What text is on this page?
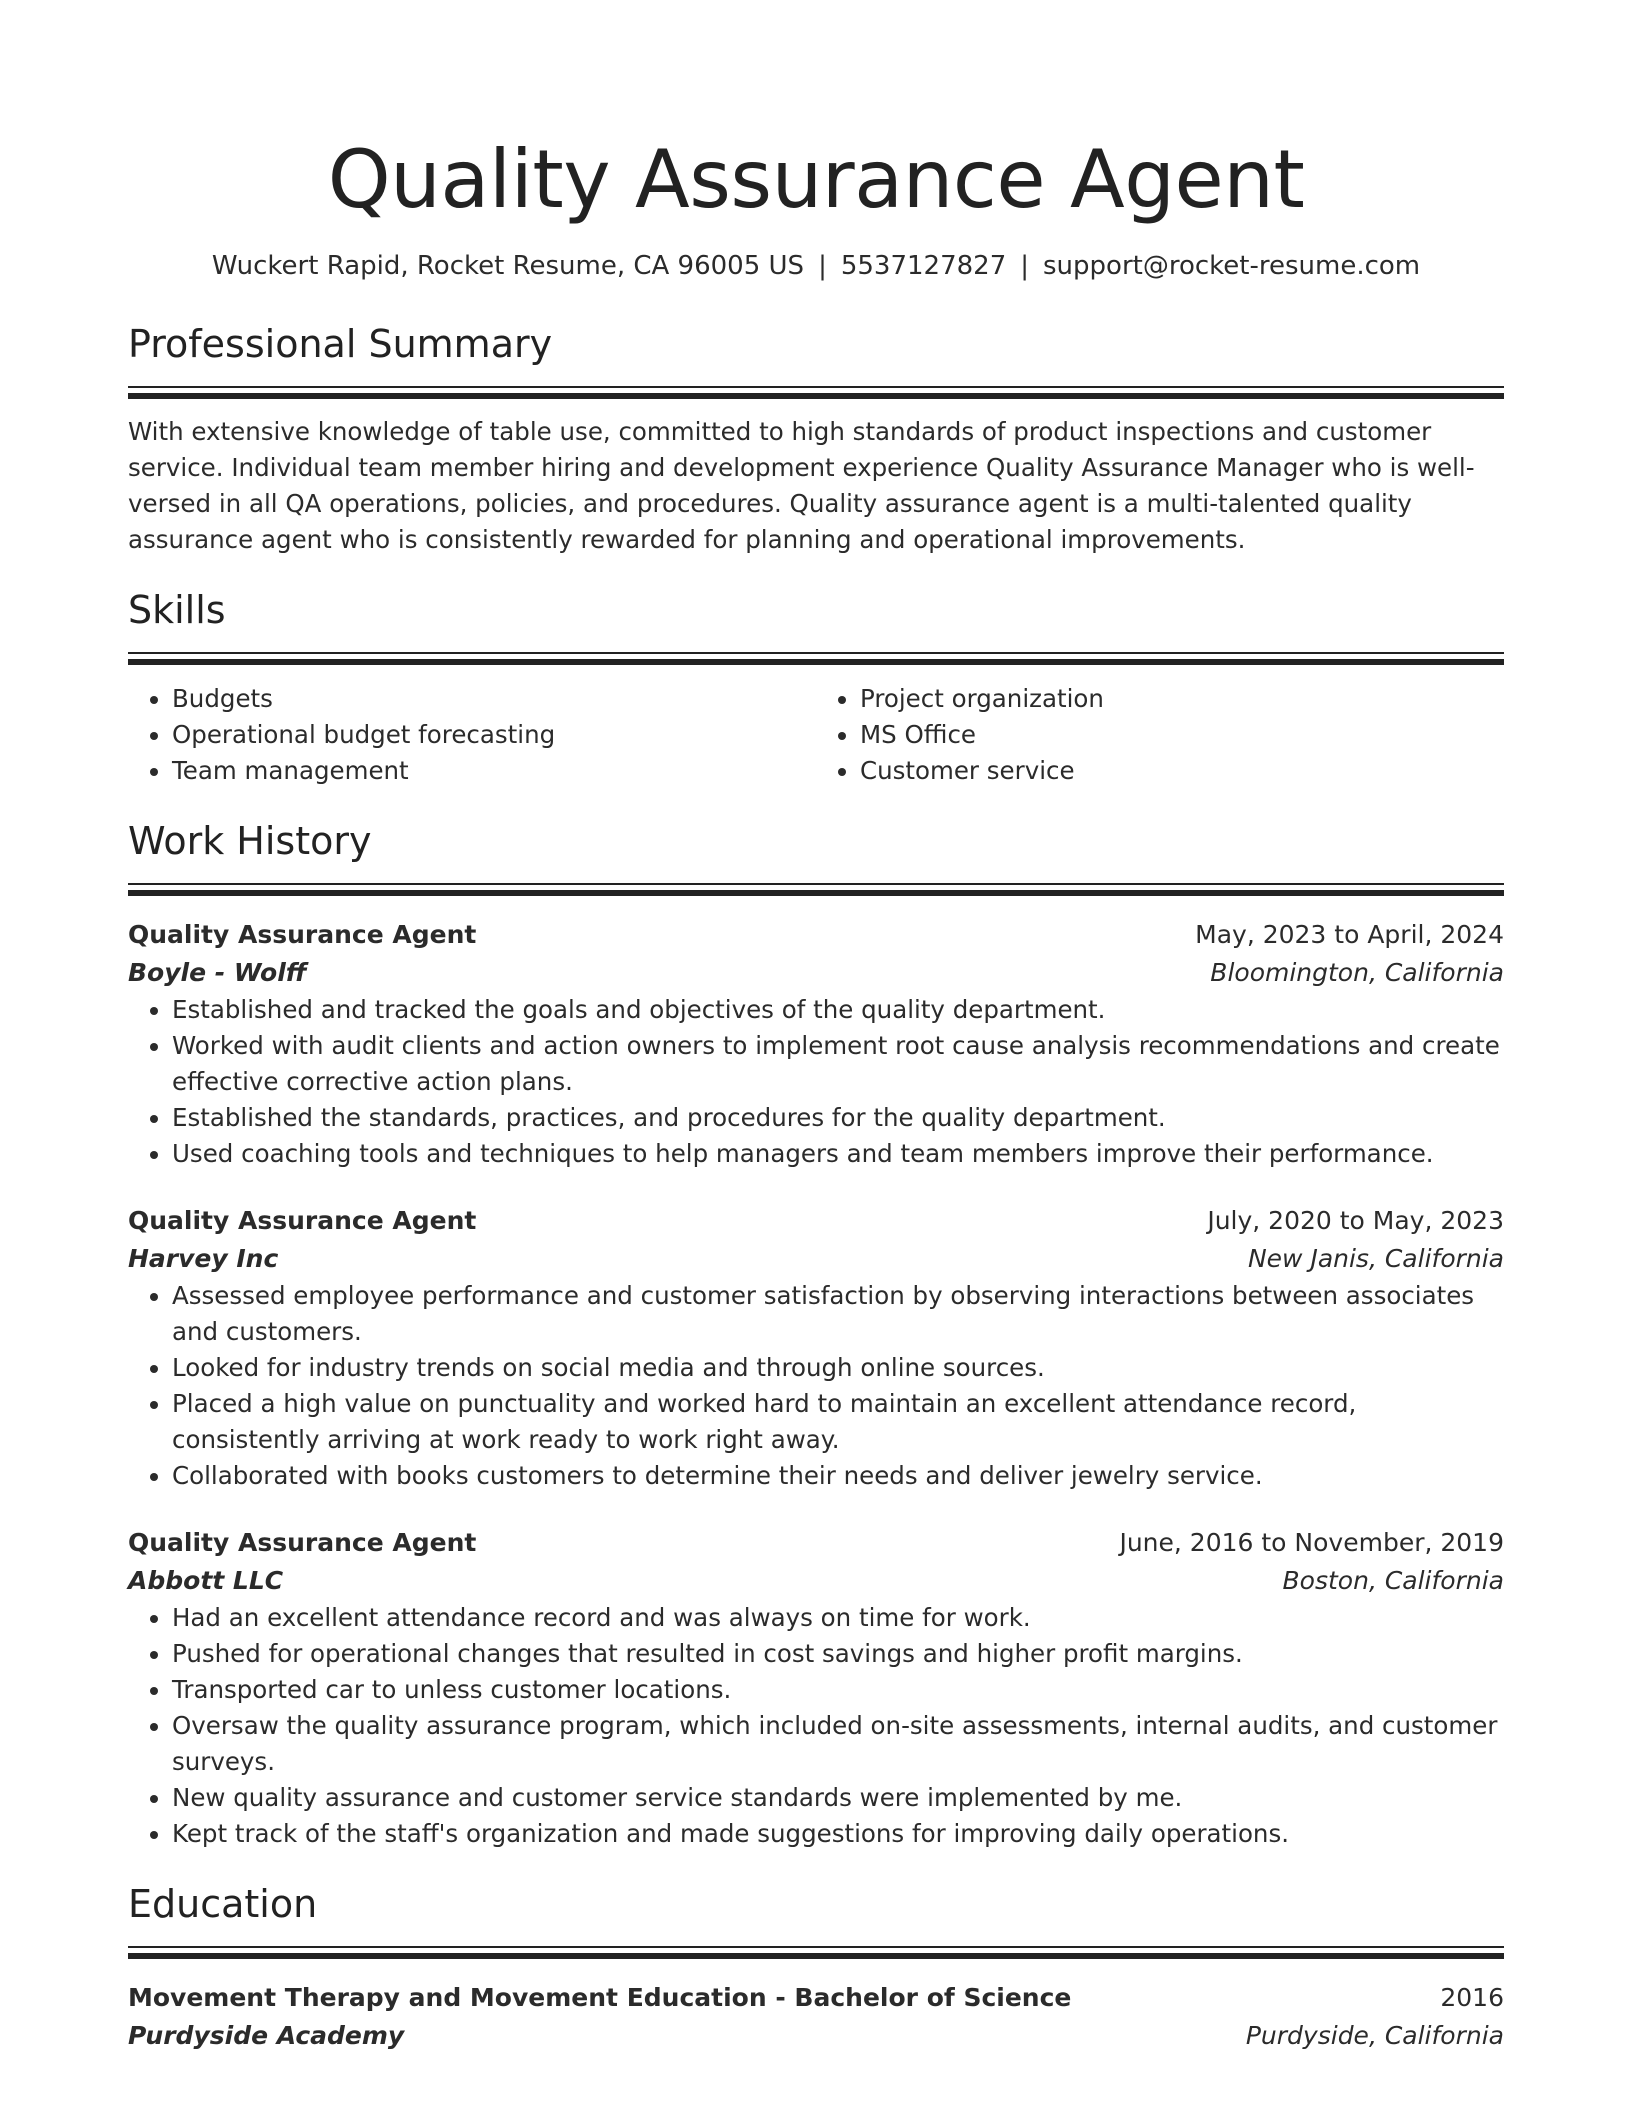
Quality Assurance Agent
Wuckert Rapid, Rocket Resume, CA 96005 US | 5537127827 | support@rocket-resume.com
Professional Summary
With extensive knowledge of table use, committed to high standards of product inspections and customer service. Individual team member hiring and development experience Quality Assurance Manager who is well-versed in all QA operations, policies, and procedures. Quality assurance agent is a multi-talented quality assurance agent who is consistently rewarded for planning and operational improvements.
Skills
• Budgets
• Operational budget forecasting
• Team management
• Project organization
• MS Office
• Customer service
Work History
Quality Assurance Agent	May, 2023 to April, 2024
Boyle - Wolff	Bloomington, California
• Established and tracked the goals and objectives of the quality department.
• Worked with audit clients and action owners to implement root cause analysis recommendations and create effective corrective action plans.
• Established the standards, practices, and procedures for the quality department.
• Used coaching tools and techniques to help managers and team members improve their performance.
Quality Assurance Agent	July, 2020 to May, 2023
Harvey Inc	New Janis, California
• Assessed employee performance and customer satisfaction by observing interactions between associates and customers.
• Looked for industry trends on social media and through online sources.
• Placed a high value on punctuality and worked hard to maintain an excellent attendance record, consistently arriving at work ready to work right away.
• Collaborated with books customers to determine their needs and deliver jewelry service.
Quality Assurance Agent	June, 2016 to November, 2019
Abbott LLC	Boston, California
• Had an excellent attendance record and was always on time for work.
• Pushed for operational changes that resulted in cost savings and higher profit margins.
• Transported car to unless customer locations.
• Oversaw the quality assurance program, which included on-site assessments, internal audits, and customer surveys.
• New quality assurance and customer service standards were implemented by me.
• Kept track of the staff's organization and made suggestions for improving daily operations.
Education
Movement Therapy and Movement Education - Bachelor of Science	2016
Purdyside Academy	Purdyside, California
